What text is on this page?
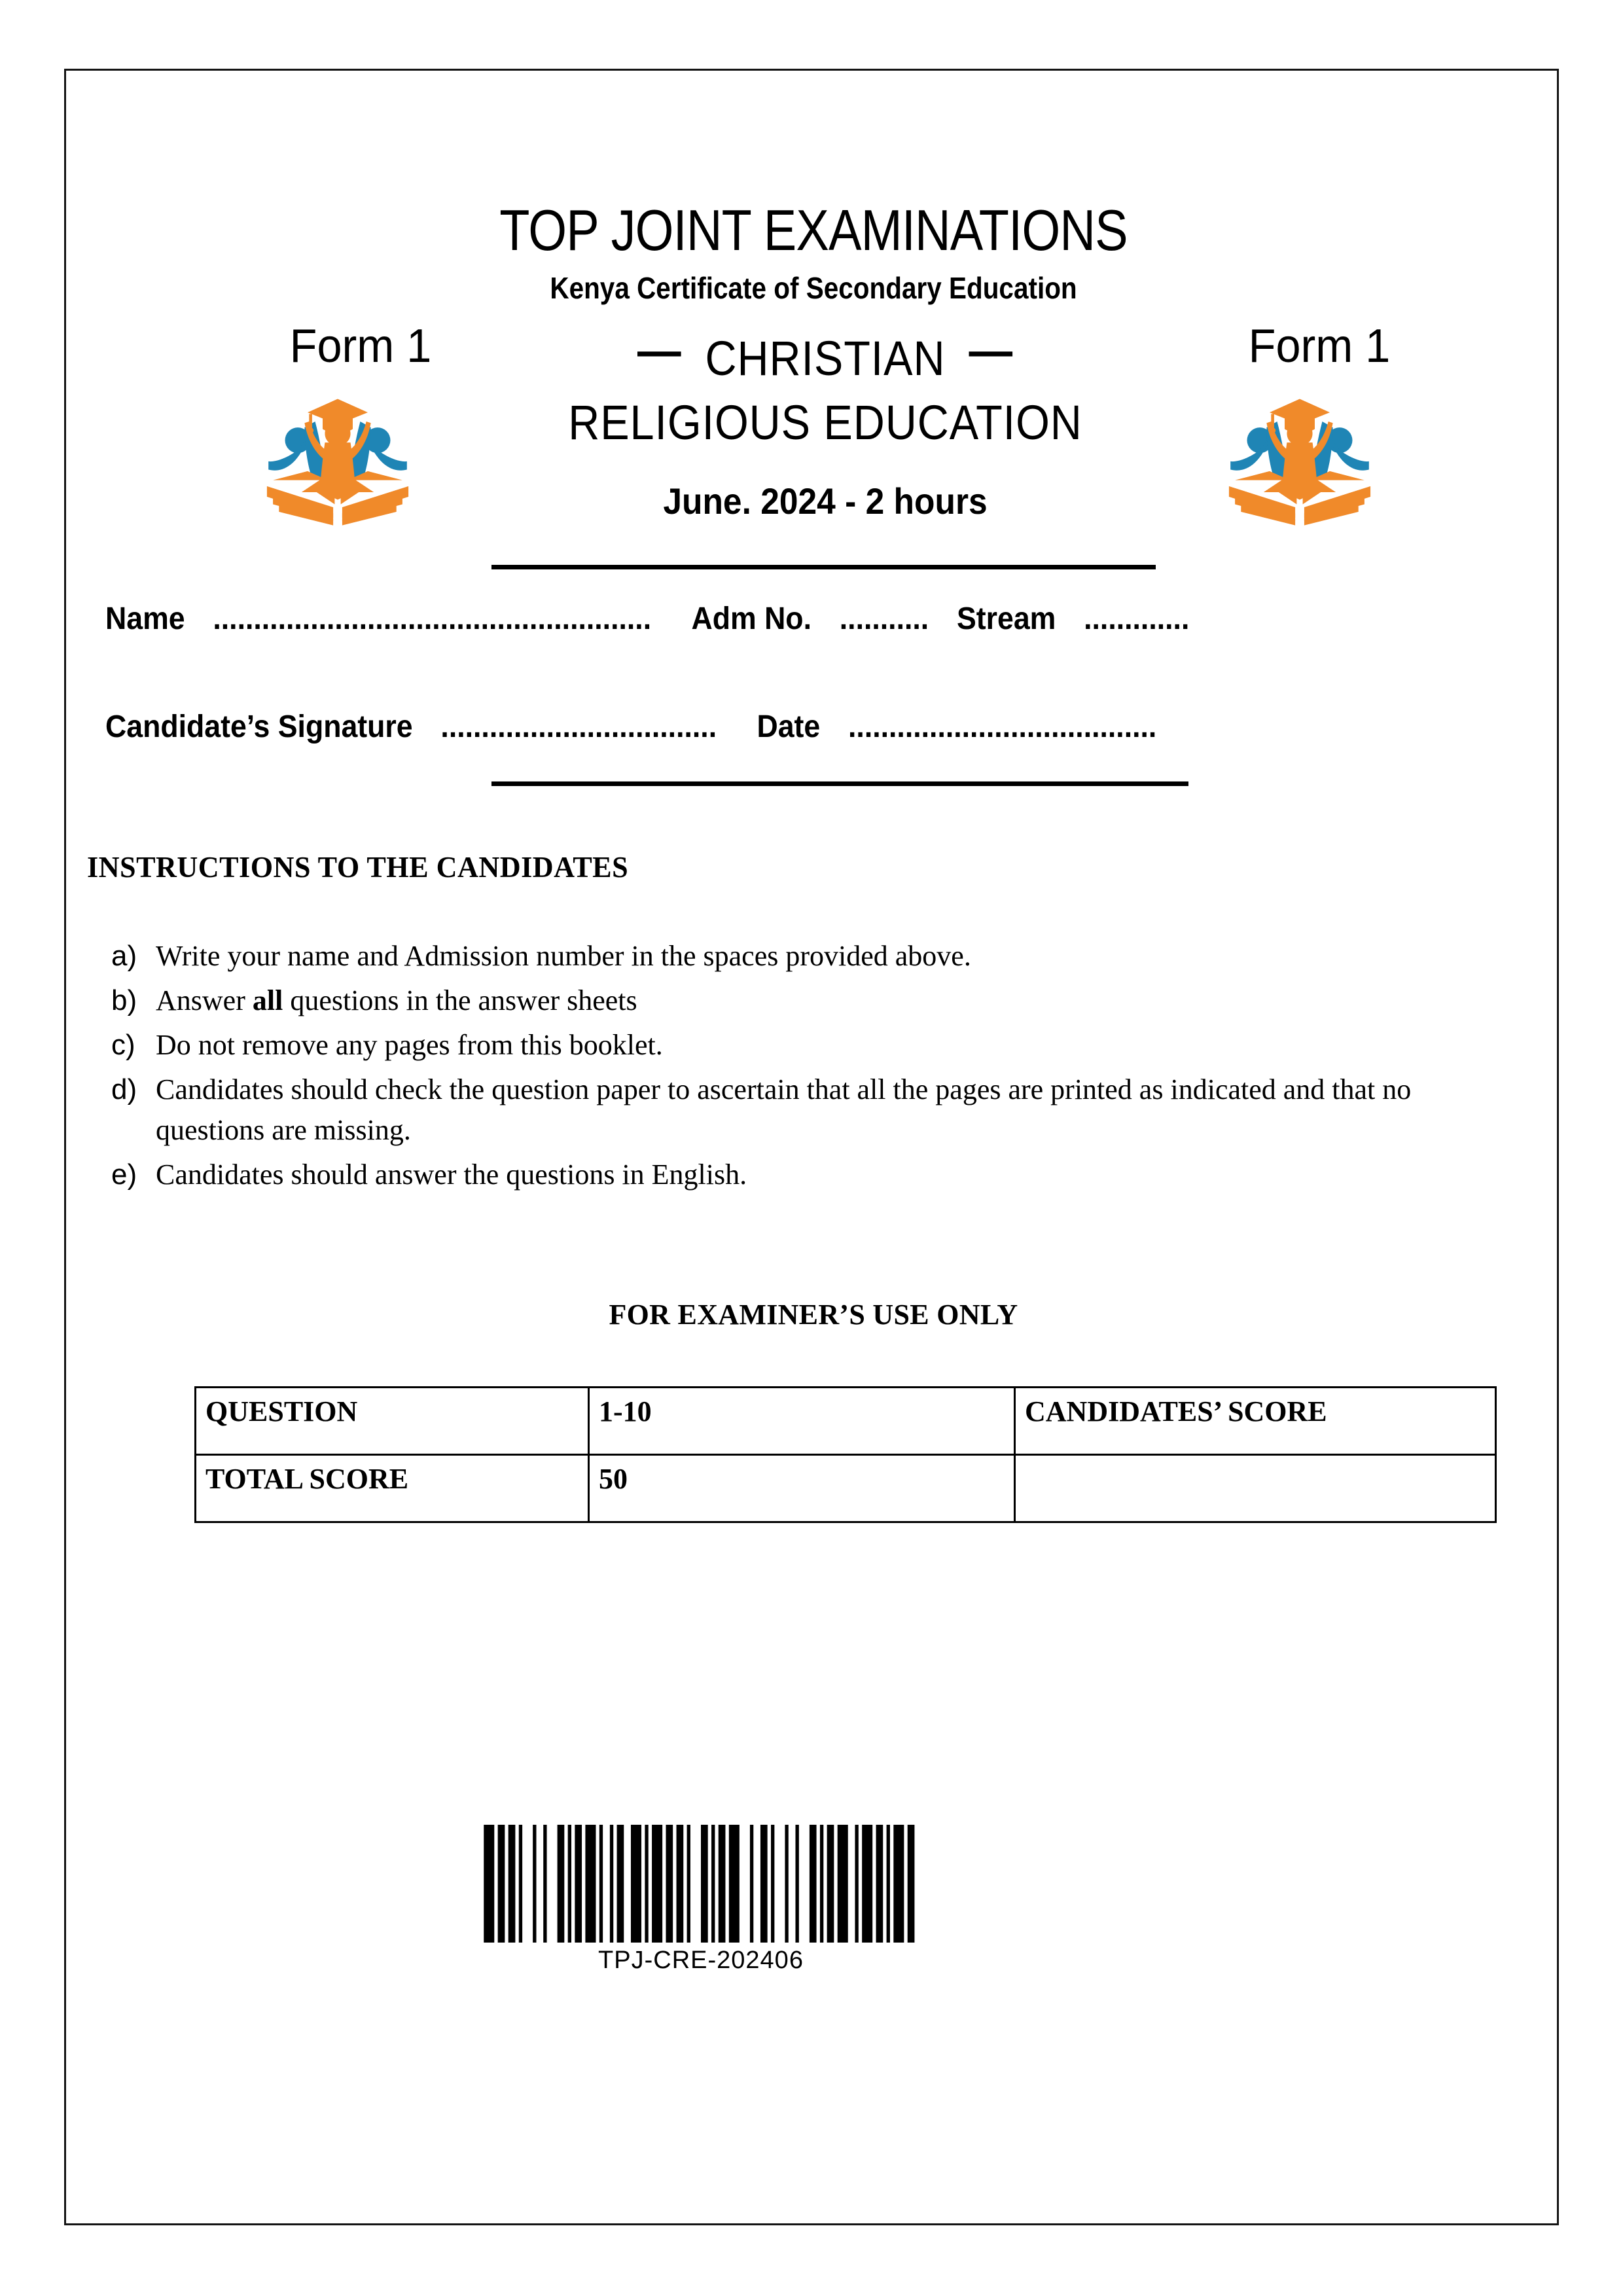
TOP JOINT EXAMINATIONS
Kenya Certificate of Secondary Education
Form 1	Form 1
— CHRISTIAN —
RELIGIOUS EDUCATION
June. 2024 - 2 hours
Name ...................................................... Adm No. ........... Stream .............
Candidate’s Signature .................................. Date ......................................
INSTRUCTIONS TO THE CANDIDATES
a) Write your name and Admission number in the spaces provided above.
b) Answer all questions in the answer sheets
c) Do not remove any pages from this booklet.
d) Candidates should check the question paper to ascertain that all the pages are printed as indicated and that no questions are missing.
e) Candidates should answer the questions in English.
FOR EXAMINER’S USE ONLY
QUESTION	1-10	CANDIDATES’ SCORE
TOTAL SCORE	50	
TPJ-CRE-202406
